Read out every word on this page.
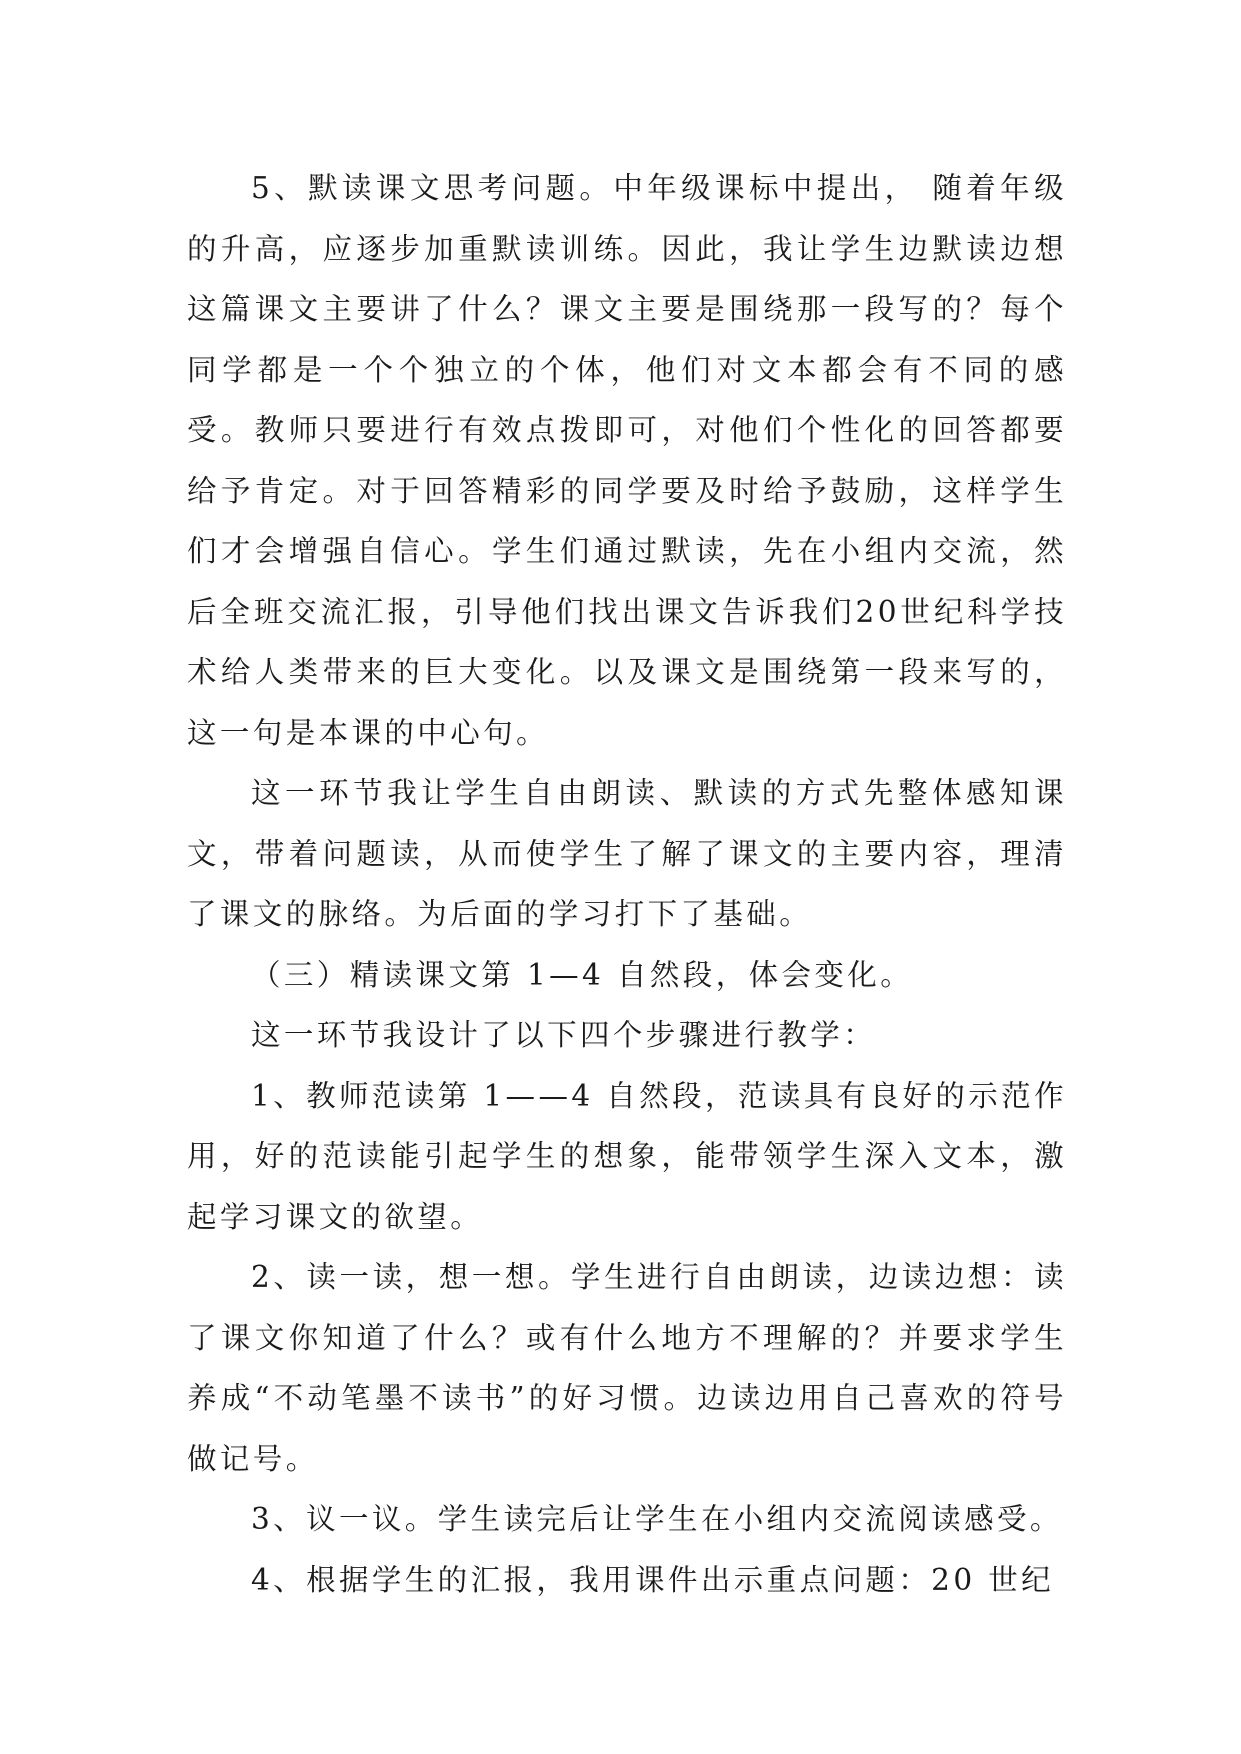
5、默读课文思考问题。中年级课标中提出， 随着年级的升高，应逐步加重默读训练。因此，我让学生边默读边想这篇课文主要讲了什么？课文主要是围绕那一段写的？每个同学都是一个个独立的个体，他们对文本都会有不同的感受。教师只要进行有效点拨即可，对他们个性化的回答都要给予肯定。对于回答精彩的同学要及时给予鼓励，这样学生们才会增强自信心。学生们通过默读，先在小组内交流，然后全班交流汇报，引导他们找出课文告诉我们20世纪科学技术给人类带来的巨大变化。以及课文是围绕第一段来写的，这一句是本课的中心句。

这一环节我让学生自由朗读、默读的方式先整体感知课文，带着问题读，从而使学生了解了课文的主要内容，理清了课文的脉络。为后面的学习打下了基础。

（三）精读课文第 1—4 自然段，体会变化。

这一环节我设计了以下四个步骤进行教学：

1、教师范读第 1——4 自然段，范读具有良好的示范作用，好的范读能引起学生的想象，能带领学生深入文本，激起学习课文的欲望。

2、读一读，想一想。学生进行自由朗读，边读边想：读了课文你知道了什么？或有什么地方不理解的？并要求学生养成“不动笔墨不读书”的好习惯。边读边用自己喜欢的符号做记号。

3、议一议。学生读完后让学生在小组内交流阅读感受。

4、根据学生的汇报，我用课件出示重点问题：20 世纪
